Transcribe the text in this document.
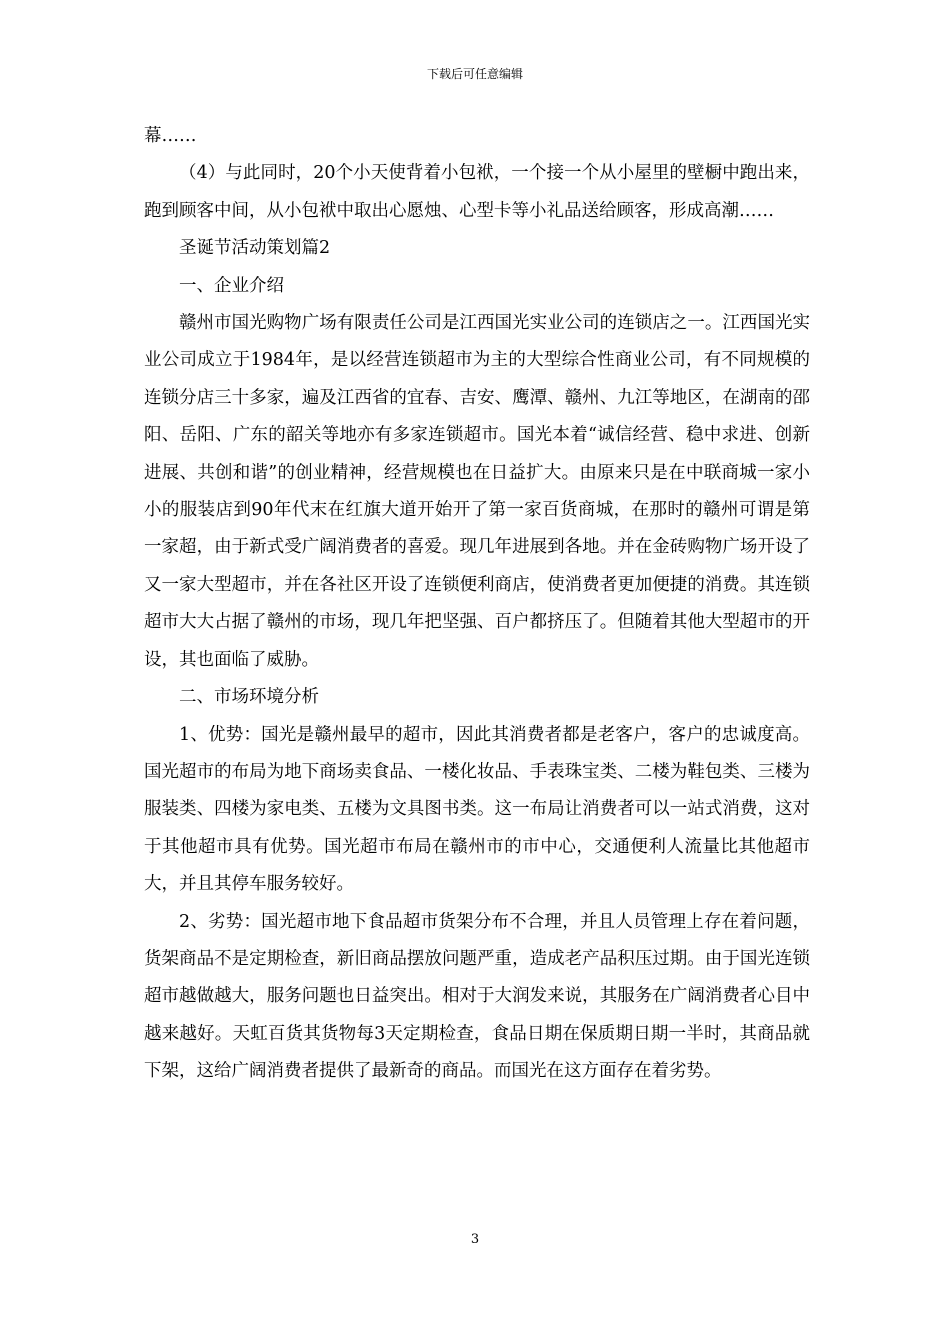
下载后可任意编辑

幕……

（4）与此同时，20个小天使背着小包袱，一个接一个从小屋里的壁橱中跑出来，跑到顾客中间，从小包袱中取出心愿烛、心型卡等小礼品送给顾客，形成高潮……

圣诞节活动策划篇2

一、企业介绍

赣州市国光购物广场有限责任公司是江西国光实业公司的连锁店之一。江西国光实业公司成立于1984年，是以经营连锁超市为主的大型综合性商业公司，有不同规模的连锁分店三十多家，遍及江西省的宜春、吉安、鹰潭、赣州、九江等地区，在湖南的邵阳、岳阳、广东的韶关等地亦有多家连锁超市。国光本着“诚信经营、稳中求进、创新进展、共创和谐”的创业精神，经营规模也在日益扩大。由原来只是在中联商城一家小小的服装店到90年代末在红旗大道开始开了第一家百货商城，在那时的赣州可谓是第一家超，由于新式受广阔消费者的喜爱。现几年进展到各地。并在金砖购物广场开设了又一家大型超市，并在各社区开设了连锁便利商店，使消费者更加便捷的消费。其连锁超市大大占据了赣州的市场，现几年把坚强、百户都挤压了。但随着其他大型超市的开设，其也面临了威胁。

二、市场环境分析

1、优势：国光是赣州最早的超市，因此其消费者都是老客户，客户的忠诚度高。国光超市的布局为地下商场卖食品、一楼化妆品、手表珠宝类、二楼为鞋包类、三楼为服装类、四楼为家电类、五楼为文具图书类。这一布局让消费者可以一站式消费，这对于其他超市具有优势。国光超市布局在赣州市的市中心，交通便利人流量比其他超市大，并且其停车服务较好。

2、劣势：国光超市地下食品超市货架分布不合理，并且人员管理上存在着问题，货架商品不是定期检查，新旧商品摆放问题严重，造成老产品积压过期。由于国光连锁超市越做越大，服务问题也日益突出。相对于大润发来说，其服务在广阔消费者心目中越来越好。天虹百货其货物每3天定期检查，食品日期在保质期日期一半时，其商品就下架，这给广阔消费者提供了最新奇的商品。而国光在这方面存在着劣势。

3
